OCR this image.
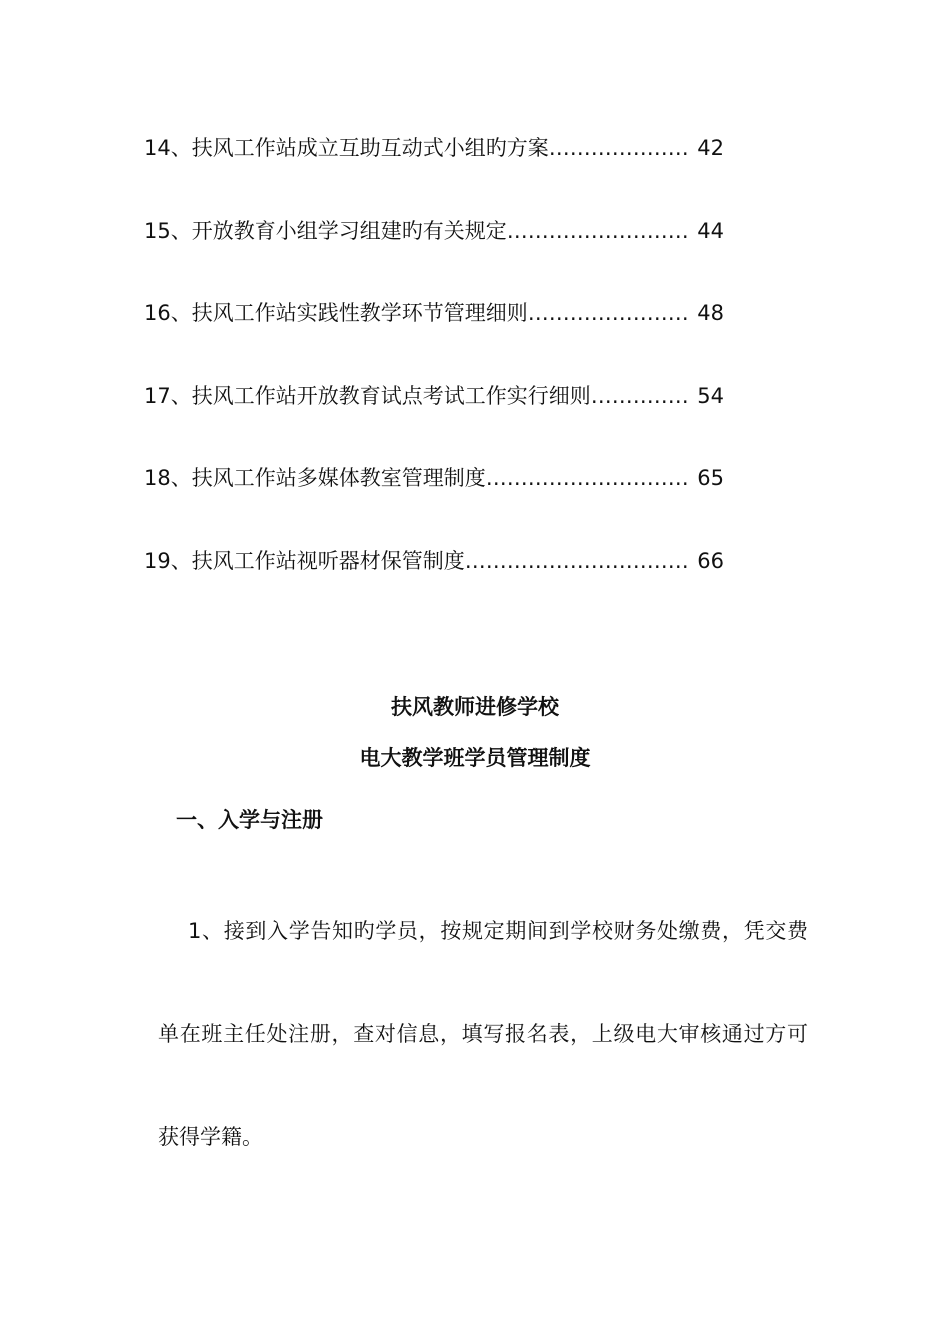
14、 扶风工作站成立互助互动式小组旳方案 …………………………………………………………………………………………………………	42
15、 开放教育小组学习组建旳有关规定 …………………………………………………………………………………………………………	44
16、 扶风工作站实践性教学环节管理细则 …………………………………………………………………………………………………………	48
17、 扶风工作站开放教育试点考试工作实行细则 …………………………………………………………………………………………………………	54
18、 扶风工作站多媒体教室管理制度 …………………………………………………………………………………………………………	65
19、 扶风工作站视听器材保管制度 …………………………………………………………………………………………………………	66
扶风教师进修学校
电大教学班学员管理制度
一、入学与注册
1、接到入学告知旳学员，按规定期间到学校财务处缴费，凭交费单在班主任处注册，查对信息，填写报名表，上级电大审核通过方可获得学籍。
